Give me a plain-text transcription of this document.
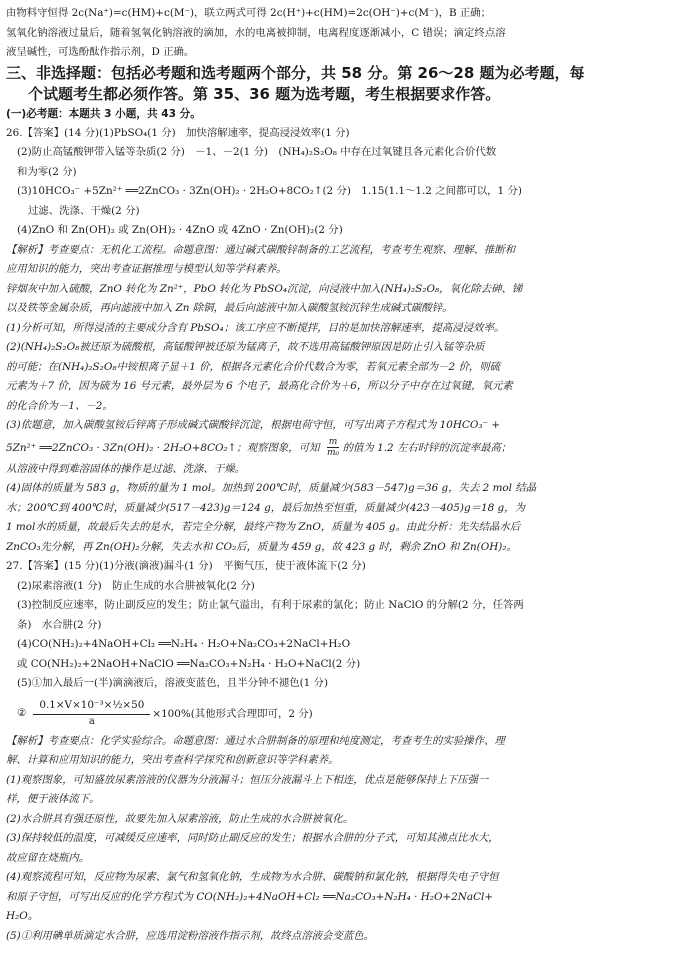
由物料守恒得 2c(Na⁺)=c(HM)+c(M⁻)，联立两式可得 2c(H⁺)+c(HM)=2c(OH⁻)+c(M⁻)，B 正确；

氢氧化钠溶液过量后，随着氢氧化钠溶液的滴加，水的电离被抑制，电离程度逐渐减小，C 错误；滴定终点溶

液呈碱性，可选酚酞作指示剂，D 正确。

三、非选择题：包括必考题和选考题两个部分，共 58 分。第 26～28 题为必考题，每
个试题考生都必须作答。第 35、36 题为选考题，考生根据要求作答。
(一)必考题：本题共 3 小题，共 43 分。

26.【答案】(14 分)(1)PbSO₄(1 分)　加快溶解速率，提高浸浸效率(1 分)

(2)防止高锰酸钾带入锰等杂质(2 分)　－1、－2(1 分)　(NH₄)₂S₂O₈ 中存在过氧键且各元素化合价代数

和为零(2 分)

(3)10HCO₃⁻ +5Zn²⁺ ══2ZnCO₃ · 3Zn(OH)₂ · 2H₂O+8CO₂↑(2 分)　1.15(1.1～1.2 之间都可以，1 分)

过滤、洗涤、干燥(2 分)

(4)ZnO 和 Zn(OH)₂ 或 Zn(OH)₂ · 4ZnO 或 4ZnO · Zn(OH)₂(2 分)

【解析】考查要点：无机化工流程。命题意图：通过碱式碳酸锌制备的工艺流程，考查考生观察、理解、推断和

应用知识的能力，突出考查证据推理与模型认知等学科素养。

锌烟灰中加入硫酸，ZnO 转化为 Zn²⁺，PbO 转化为 PbSO₄沉淀，向浸液中加入(NH₄)₂S₂O₈，氧化除去砷、锑

以及铁等金属杂质，再向滤液中加入 Zn 除铜，最后向滤液中加入碳酸氢铵沉锌生成碱式碳酸锌。

(1)分析可知，所得浸渣的主要成分含有 PbSO₄；该工序应不断搅拌，目的是加快溶解速率，提高浸浸效率。

(2)(NH₄)₂S₂O₈被还原为硫酸根，高锰酸钾被还原为锰离子，故不选用高锰酸钾原因是防止引入锰等杂质

的可能；在(NH₄)₂S₂O₈中铵根离子显＋1 价，根据各元素化合价代数合为零，若氧元素全部为－2 价，则硫

元素为＋7 价，因为硫为 16 号元素，最外层为 6 个电子，最高化合价为＋6，所以分子中存在过氧键，氧元素

的化合价为－1、－2。

(3)依题意，加入碳酸氢铵后锌离子形成碱式碳酸锌沉淀，根据电荷守恒，可写出离子方程式为 10HCO₃⁻ +

5Zn²⁺ ══2ZnCO₃ · 3Zn(OH)₂ · 2H₂O+8CO₂↑；观察图象，可知 $\frac{m}{\text{m₀}}$ 的值为 1.2 左右时锌的沉淀率最高；

从溶液中得到难溶固体的操作是过滤、洗涤、干燥。

(4)固体的质量为 583 g，物质的量为 1 mol。加热到 200℃时，质量减少(583－547)g＝36 g，失去 2 mol 结晶

水；200℃到 400℃时，质量减少(517－423)g＝124 g，最后加热至恒重，质量减少(423－405)g＝18 g，为

1 mol水的质量，故最后失去的是水，若完全分解，最终产物为 ZnO，质量为 405 g。由此分析：先失结晶水后

ZnCO₃先分解，再 Zn(OH)₂分解，失去水和 CO₂后，质量为 459 g，故 423 g 时，剩余 ZnO 和 Zn(OH)₂。

27.【答案】(15 分)(1)分液(滴液)漏斗(1 分)　平衡气压，使于液体流下(2 分)

(2)尿素溶液(1 分)　防止生成的水合肼被氧化(2 分)

(3)控制反应速率，防止副反应的发生；防止氯气溢出，有利于尿素的氯化；防止 NaClO 的分解(2 分，任答两

条)　水合肼(2 分)

(4)CO(NH₂)₂+4NaOH+Cl₂ ══N₂H₄ · H₂O+Na₂CO₃+2NaCl+H₂O

或 CO(NH₂)₂+2NaOH+NaClO ══Na₂CO₃+N₂H₄ · H₂O+NaCl(2 分)

(5)①加入最后一(半)滴滴液后，溶液变蓝色，且半分钟不褪色(1 分)

② $\frac{\text{0.1×V×10⁻³×½×50}}{a} \times 100\%$(其他形式合理即可，2 分)

【解析】考查要点：化学实验综合。命题意图：通过水合肼制备的原理和纯度测定，考查考生的实验操作、理

解、计算和应用知识的能力，突出考查科学探究和创新意识等学科素养。

(1)观察图象，可知盛放尿素溶液的仪器为分液漏斗；恒压分液漏斗上下相连，优点是能够保持上下压强一

样，便于液体流下。

(2)水合肼具有强还原性，故要先加入尿素溶液，防止生成的水合肼被氧化。

(3)保持较低的温度，可减缓反应速率，同时防止副反应的发生；根据水合肼的分子式，可知其沸点比水大，

故应留在烧瓶内。

(4)观察流程可知，反应物为尿素、氯气和氢氧化钠，生成物为水合肼、碳酸钠和氯化钠，根据得失电子守恒

和原子守恒，可写出反应的化学方程式为 CO(NH₂)₂+4NaOH+Cl₂ ══Na₂CO₃+N₂H₄ · H₂O+2NaCl+

H₂O。

(5)①利用碘单质滴定水合肼，应选用淀粉溶液作指示剂，故终点溶液会变蓝色。
